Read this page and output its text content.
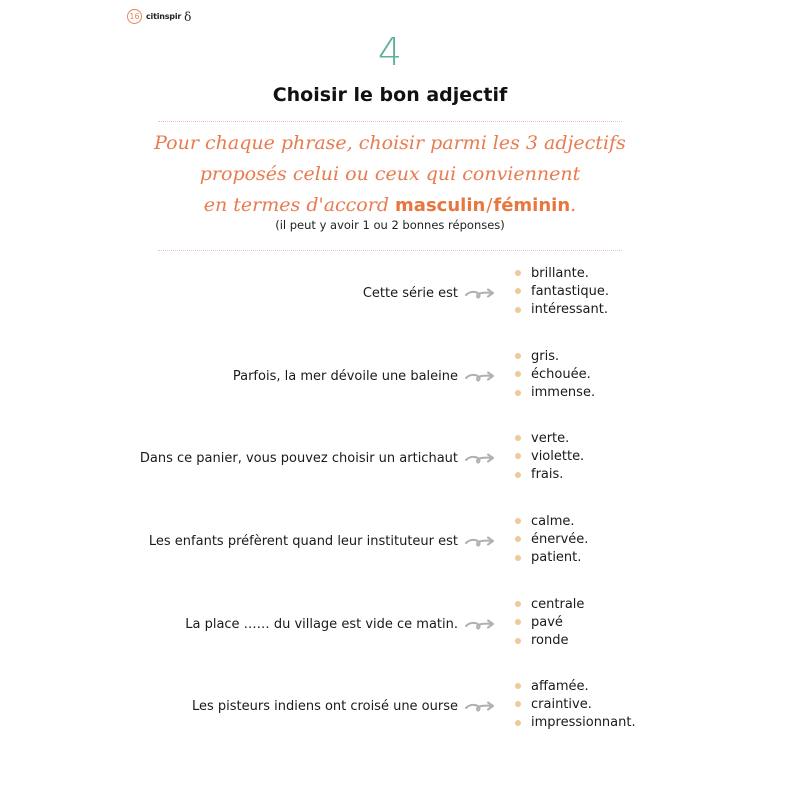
16 citinspir δ
4
Choisir le bon adjectif
Pour chaque phrase, choisir parmi les 3 adjectifs
proposés celui ou ceux qui conviennent
en termes d'accord masculin/féminin.
(il peut y avoir 1 ou 2 bonnes réponses)
Cette série est
brillante.
fantastique.
intéressant.
Parfois, la mer dévoile une baleine
gris.
échouée.
immense.
Dans ce panier, vous pouvez choisir un artichaut
verte.
violette.
frais.
Les enfants préfèrent quand leur instituteur est
calme.
énervée.
patient.
La place …… du village est vide ce matin.
centrale
pavé
ronde
Les pisteurs indiens ont croisé une ourse
affamée.
craintive.
impressionnant.
